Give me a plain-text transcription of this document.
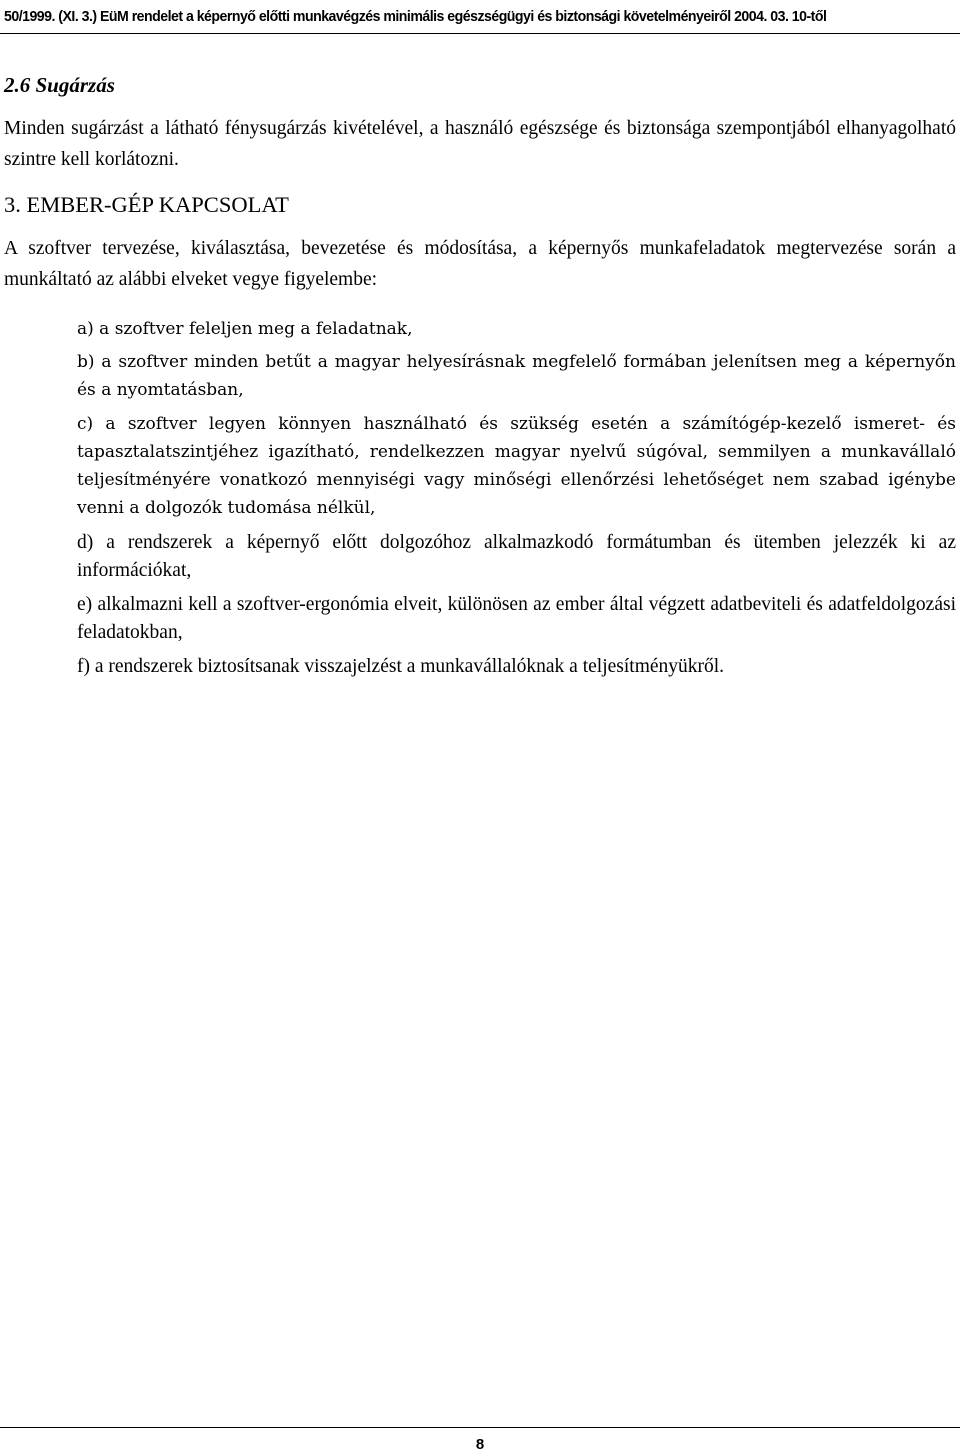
50/1999. (XI. 3.) EüM rendelet a képernyő előtti munkavégzés minimális egészségügyi és biztonsági követelményeiről 2004. 03. 10-től
2.6 Sugárzás
Minden sugárzást a látható fénysugárzás kivételével, a használó egészsége és biztonsága szempontjából elhanyagolható szintre kell korlátozni.
3. EMBER-GÉP KAPCSOLAT
A szoftver tervezése, kiválasztása, bevezetése és módosítása, a képernyős munkafeladatok megtervezése során a munkáltató az alábbi elveket vegye figyelembe:
a) a szoftver feleljen meg a feladatnak,
b) a szoftver minden betűt a magyar helyesírásnak megfelelő formában jelenítsen meg a képernyőn és a nyomtatásban,
c) a szoftver legyen könnyen használható és szükség esetén a számítógép-kezelő ismeret- és tapasztalatszintjéhez igazítható, rendelkezzen magyar nyelvű súgóval, semmilyen a munkavállaló teljesítményére vonatkozó mennyiségi vagy minőségi ellenőrzési lehetőséget nem szabad igénybe venni a dolgozók tudomása nélkül,
d) a rendszerek a képernyő előtt dolgozóhoz alkalmazkodó formátumban és ütemben jelezzék ki az információkat,
e) alkalmazni kell a szoftver-ergonómia elveit, különösen az ember által végzett adatbeviteli és adatfeldolgozási feladatokban,
f) a rendszerek biztosítsanak visszajelzést a munkavállalóknak a teljesítményükről.
8
